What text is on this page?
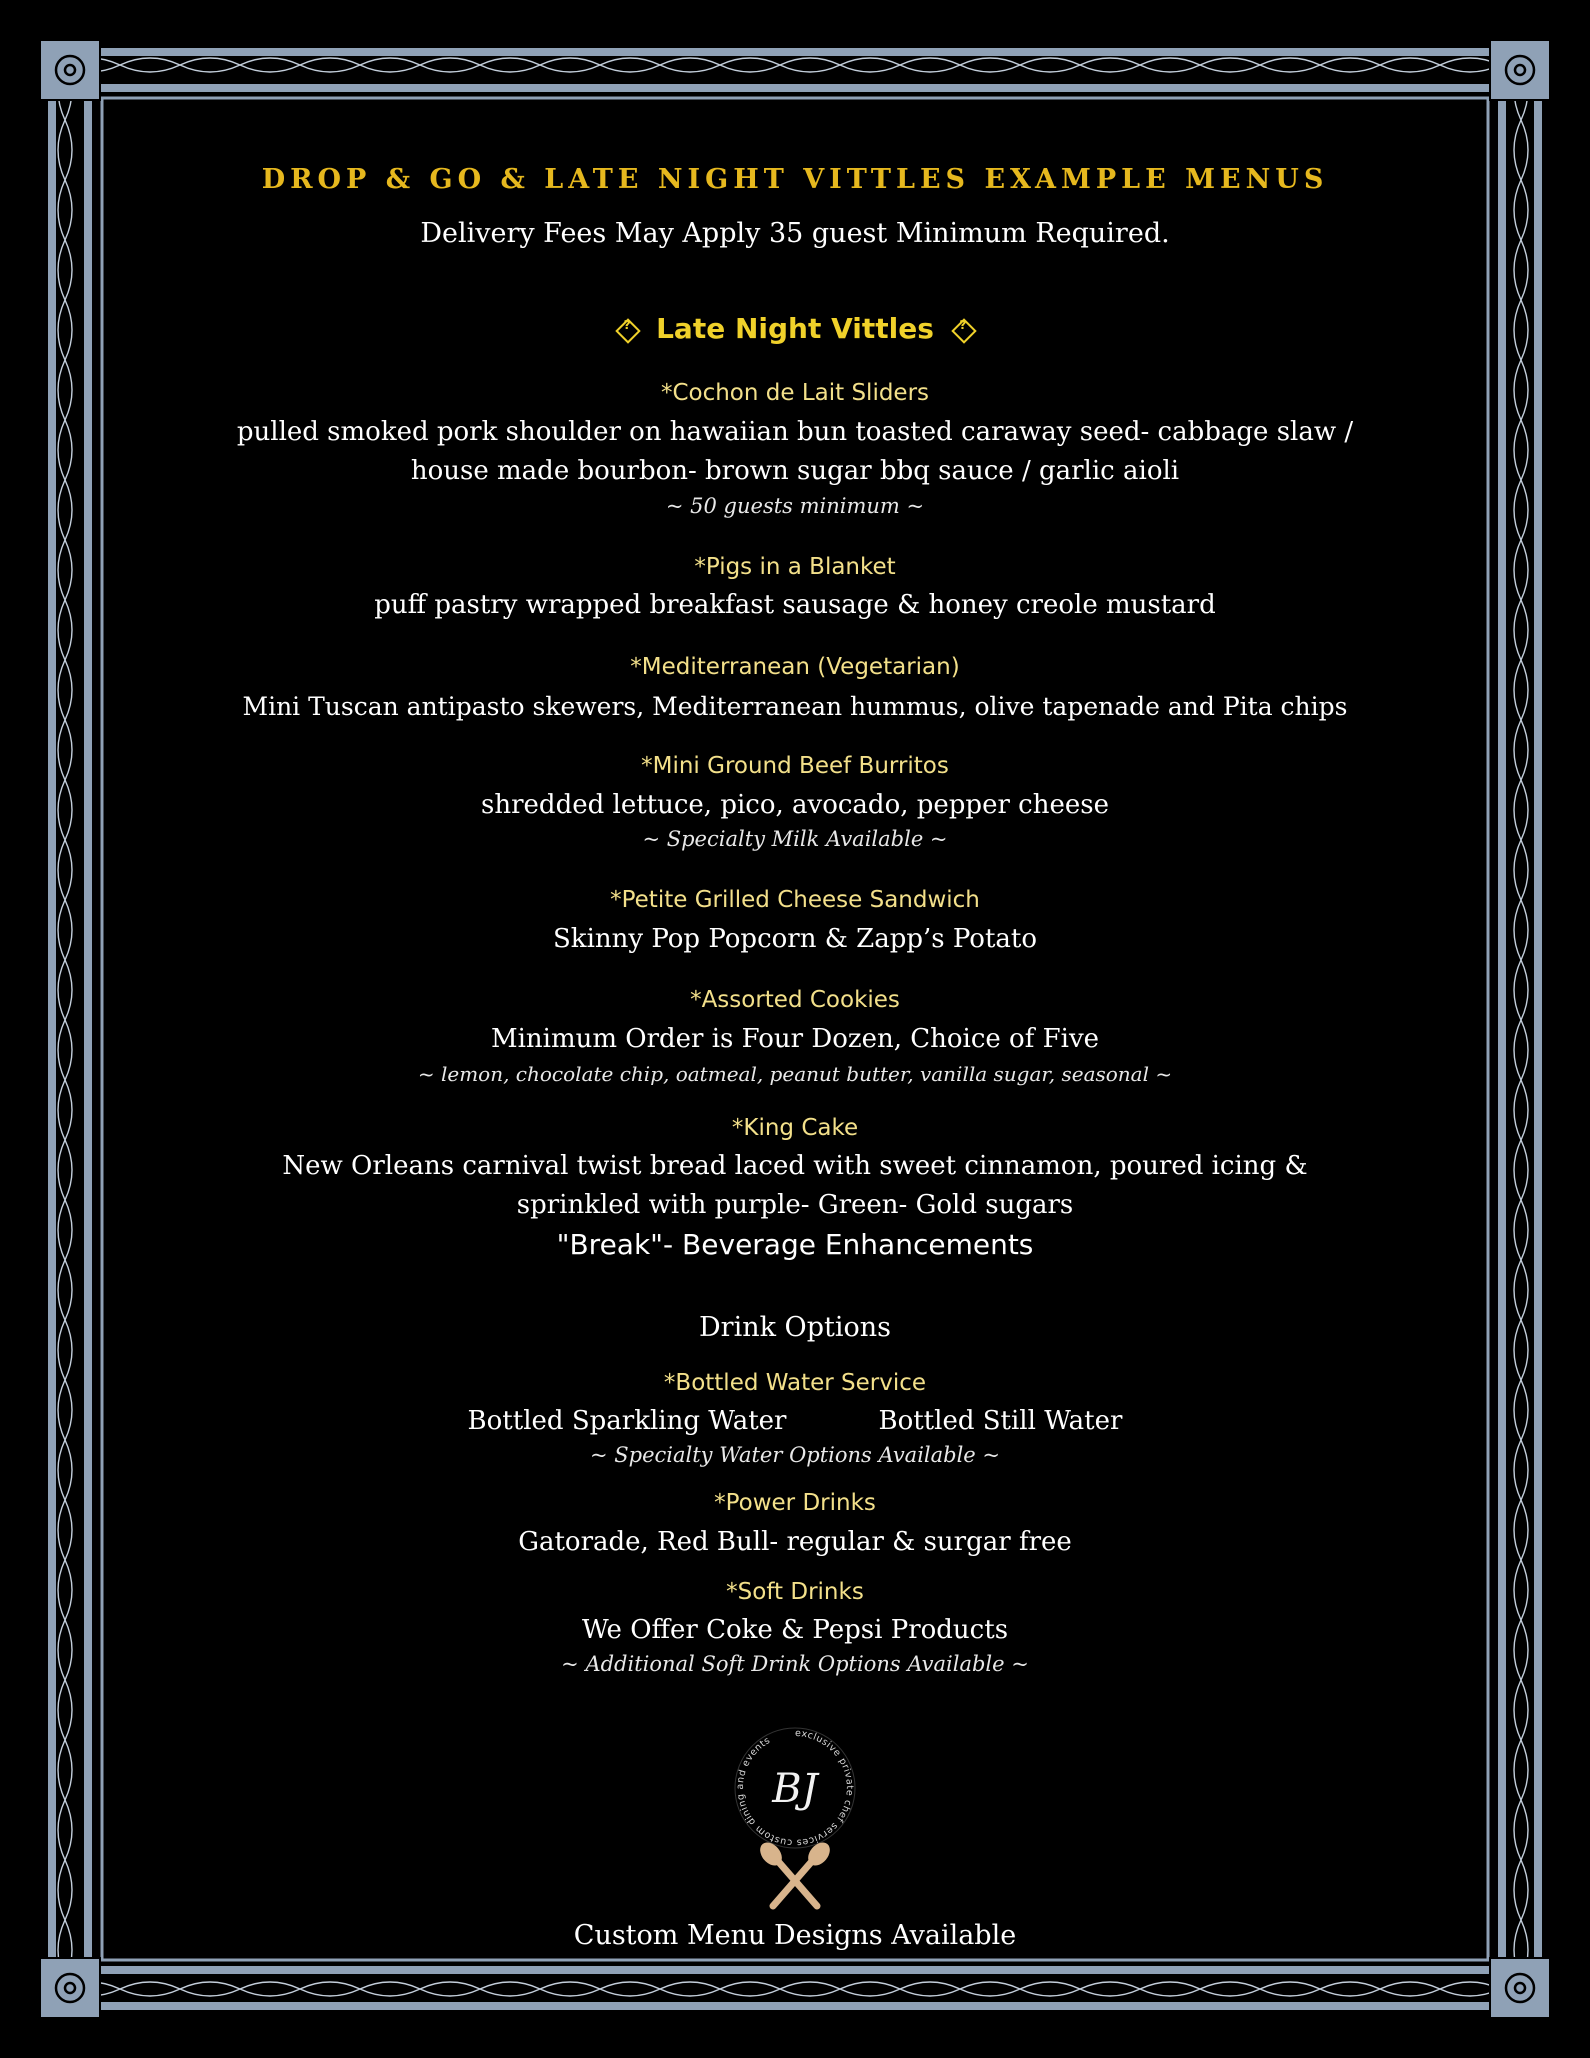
DROP & GO & LATE NIGHT VITTLES EXAMPLE MENUS
Delivery Fees May Apply 35 guest Minimum Required.
?Late Night Vittles?
*Cochon de Lait Sliders
pulled smoked pork shoulder on hawaiian bun toasted caraway seed- cabbage slaw / house made bourbon- brown sugar bbq sauce / garlic aioli
~ 50 guests minimum ~
*Pigs in a Blanket
puff pastry wrapped breakfast sausage & honey creole mustard
*Mediterranean (Vegetarian)
Mini Tuscan antipasto skewers, Mediterranean hummus, olive tapenade and Pita chips
*Mini Ground Beef Burritos
shredded lettuce, pico, avocado, pepper cheese
~ Specialty Milk Available ~
*Petite Grilled Cheese Sandwich
Skinny Pop Popcorn & Zapp’s Potato
*Assorted Cookies
Minimum Order is Four Dozen, Choice of Five
~ lemon, chocolate chip, oatmeal, peanut butter, vanilla sugar, seasonal ~
*King Cake
New Orleans carnival twist bread laced with sweet cinnamon, poured icing & sprinkled with purple- Green- Gold sugars
"Break"- Beverage Enhancements
Drink Options
*Bottled Water Service
Bottled Sparkling Water	Bottled Still Water
~ Specialty Water Options Available ~
*Power Drinks
Gatorade, Red Bull- regular & surgar free
*Soft Drinks
We Offer Coke & Pepsi Products
~ Additional Soft Drink Options Available ~
Custom Menu Designs Available
exclusive private chef services custom dining and events
BJ
